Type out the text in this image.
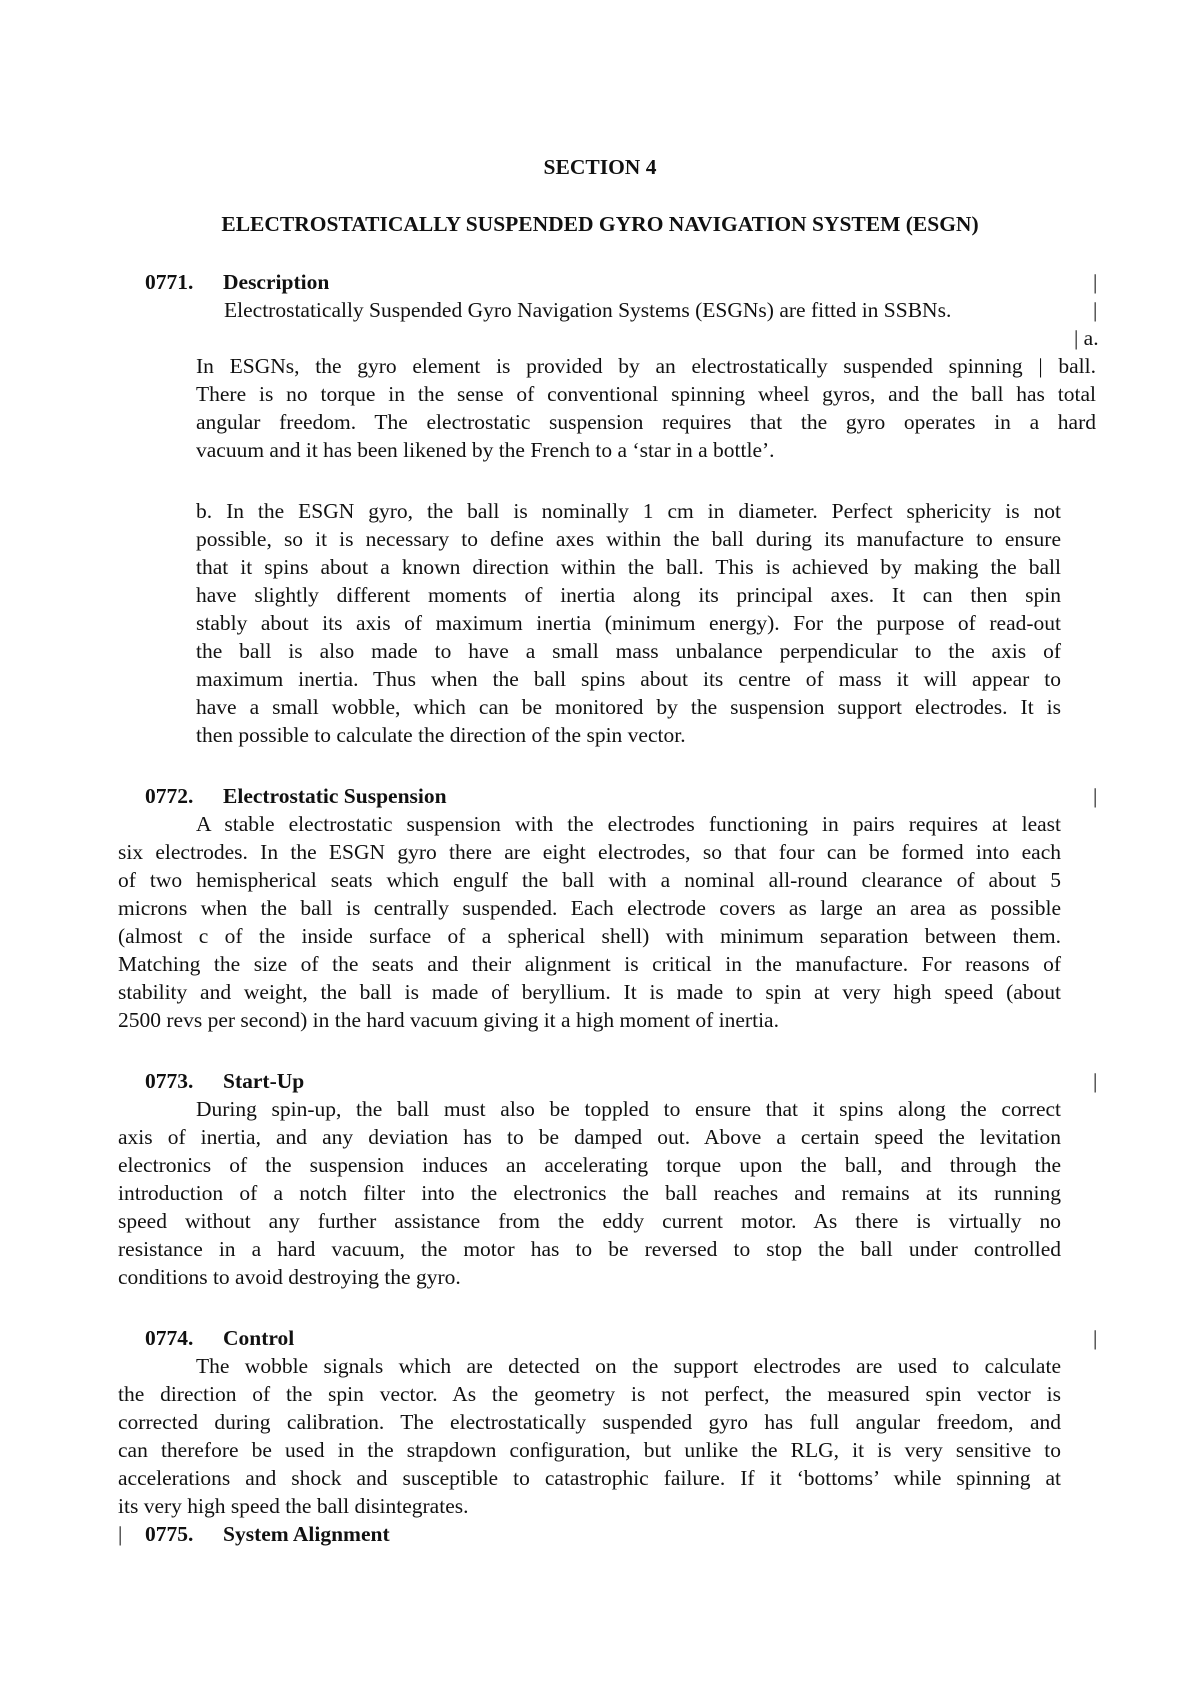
SECTION 4
ELECTROSTATICALLY SUSPENDED GYRO NAVIGATION SYSTEM (ESGN)
0771. Description	|
Electrostatically Suspended Gyro Navigation Systems (ESGNs) are fitted in SSBNs.	|
| a.
In ESGNs, the gyro element is provided by an electrostatically suspended spinning | ball.
There is no torque in the sense of conventional spinning wheel gyros, and the ball has total
angular freedom. The electrostatic suspension requires that the gyro operates in a hard
vacuum and it has been likened by the French to a ‘star in a bottle’.
b. In the ESGN gyro, the ball is nominally 1 cm in diameter. Perfect sphericity is not
possible, so it is necessary to define axes within the ball during its manufacture to ensure
that it spins about a known direction within the ball. This is achieved by making the ball
have slightly different moments of inertia along its principal axes. It can then spin
stably about its axis of maximum inertia (minimum energy). For the purpose of read-out
the ball is also made to have a small mass unbalance perpendicular to the axis of
maximum inertia. Thus when the ball spins about its centre of mass it will appear to
have a small wobble, which can be monitored by the suspension support electrodes. It is
then possible to calculate the direction of the spin vector.
0772. Electrostatic Suspension	|
A stable electrostatic suspension with the electrodes functioning in pairs requires at least
six electrodes. In the ESGN gyro there are eight electrodes, so that four can be formed into each
of two hemispherical seats which engulf the ball with a nominal all-round clearance of about 5
microns when the ball is centrally suspended. Each electrode covers as large an area as possible
(almost c of the inside surface of a spherical shell) with minimum separation between them.
Matching the size of the seats and their alignment is critical in the manufacture. For reasons of
stability and weight, the ball is made of beryllium. It is made to spin at very high speed (about
2500 revs per second) in the hard vacuum giving it a high moment of inertia.
0773. Start-Up	|
During spin-up, the ball must also be toppled to ensure that it spins along the correct
axis of inertia, and any deviation has to be damped out. Above a certain speed the levitation
electronics of the suspension induces an accelerating torque upon the ball, and through the
introduction of a notch filter into the electronics the ball reaches and remains at its running
speed without any further assistance from the eddy current motor. As there is virtually no
resistance in a hard vacuum, the motor has to be reversed to stop the ball under controlled
conditions to avoid destroying the gyro.
0774. Control	|
The wobble signals which are detected on the support electrodes are used to calculate
the direction of the spin vector. As the geometry is not perfect, the measured spin vector is
corrected during calibration. The electrostatically suspended gyro has full angular freedom, and
can therefore be used in the strapdown configuration, but unlike the RLG, it is very sensitive to
accelerations and shock and susceptible to catastrophic failure. If it ‘bottoms’ while spinning at
its very high speed the ball disintegrates.
| 0775. System Alignment
